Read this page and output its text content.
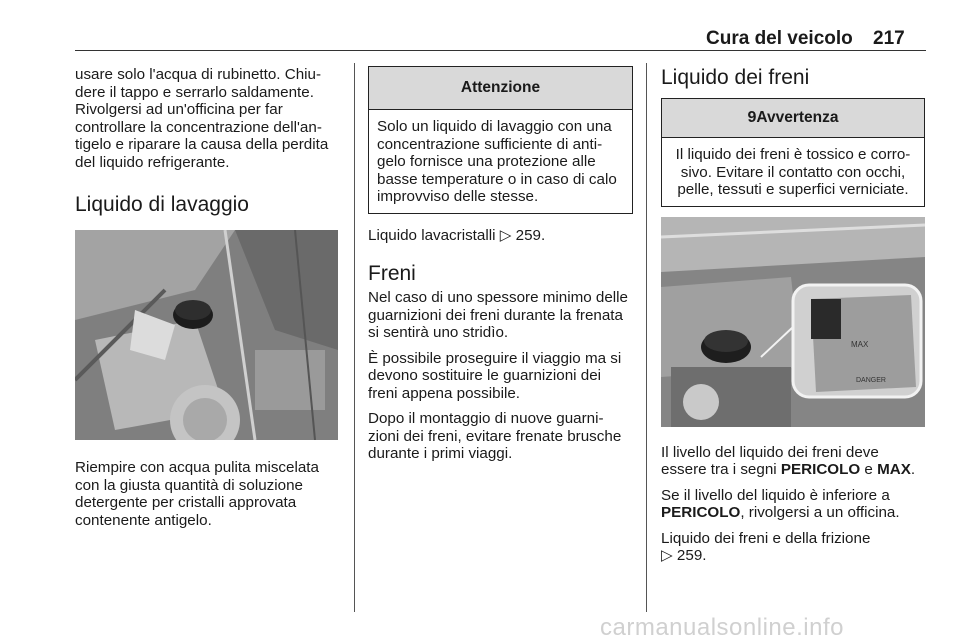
Cura del veicolo 217

usare solo l'acqua di rubinetto. Chiu-dere il tappo e serrarlo saldamente. Rivolgersi ad un'officina per far controllare la concentrazione dell'an-tigelo e riparare la causa della perdita del liquido refrigerante.

Liquido di lavaggio

Riempire con acqua pulita miscelata con la giusta quantità di soluzione detergente per cristalli approvata contenente antigelo.

Attenzione
Solo un liquido di lavaggio con una concentrazione sufficiente di anti-gelo fornisce una protezione alle basse temperature o in caso di calo improvviso delle stesse.

Liquido lavacristalli ▷ 259.

Freni

Nel caso di uno spessore minimo delle guarnizioni dei freni durante la frenata si sentirà uno stridìo.

È possibile proseguire il viaggio ma si devono sostituire le guarnizioni dei freni appena possibile.

Dopo il montaggio di nuove guarni-zioni dei freni, evitare frenate brusche durante i primi viaggi.

Liquido dei freni
9Avvertenza
Il liquido dei freni è tossico e corro-sivo. Evitare il contatto con occhi, pelle, tessuti e superfici verniciate.
MAX
DANGER

Il livello del liquido dei freni deve essere tra i segni PERICOLO e MAX.

Se il livello del liquido è inferiore a PERICOLO, rivolgersi a un officina.

Liquido dei freni e della frizione
▷ 259.

carmanualsonline.info
